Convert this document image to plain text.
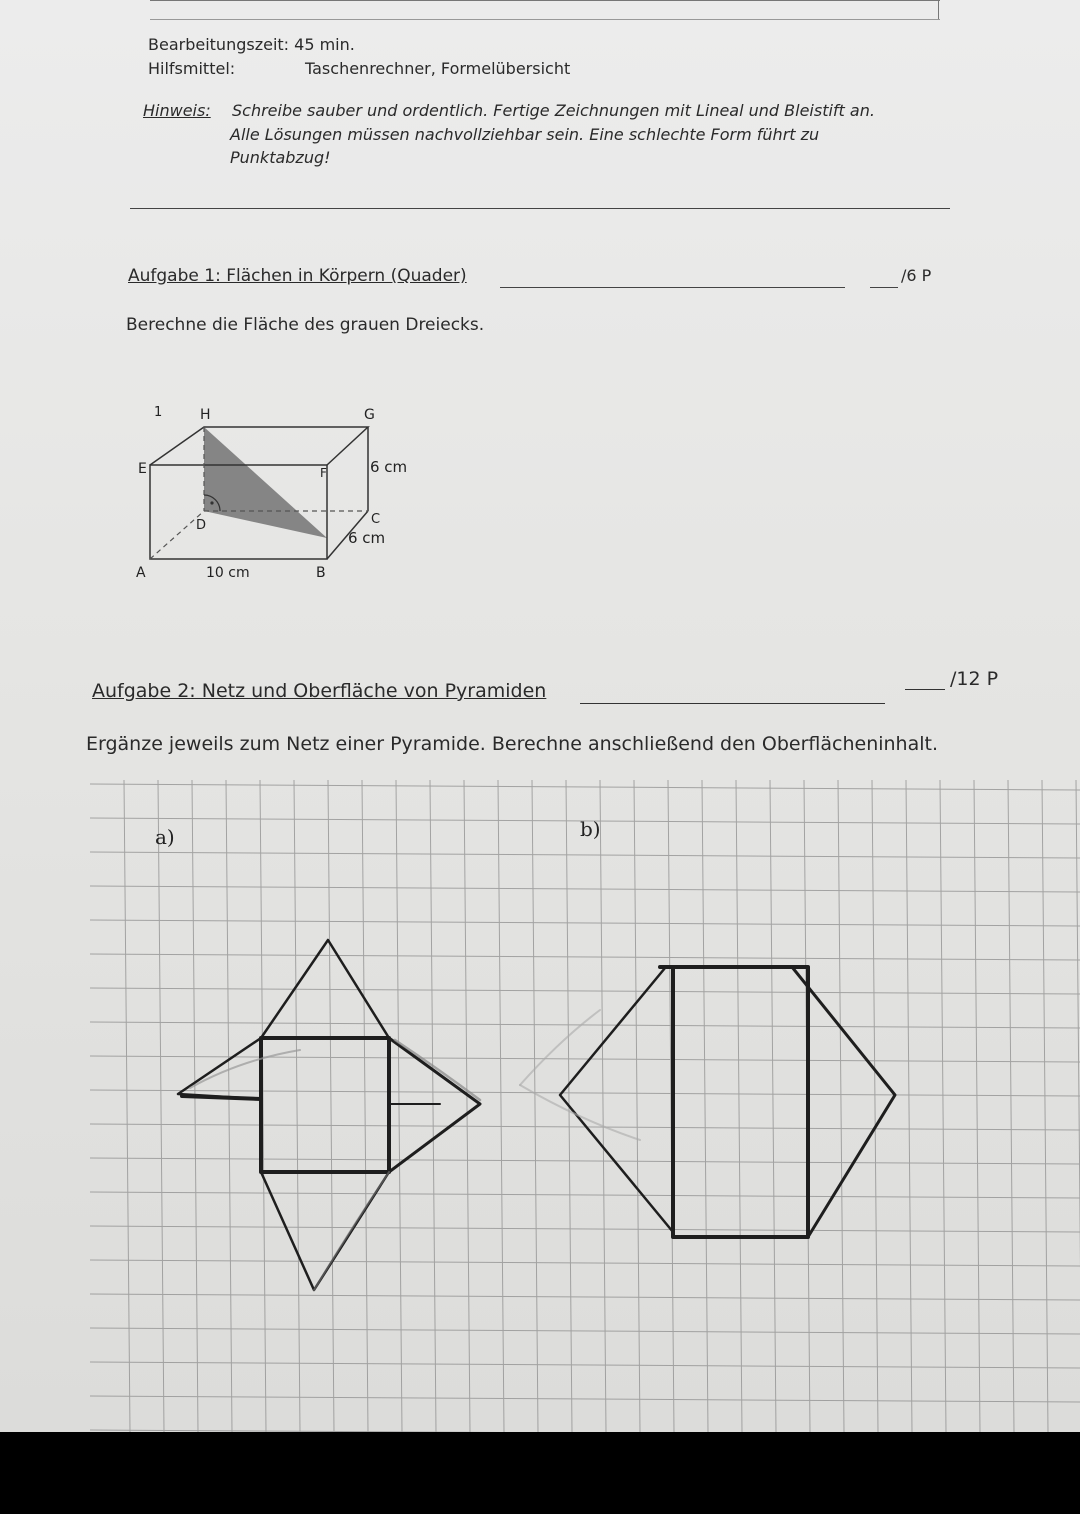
Bearbeitungszeit: 45 min.
Hilfsmittel:	Taschenrechner, Formelübersicht
Hinweis: Schreibe sauber und ordentlich. Fertige Zeichnungen mit Lineal und Bleistift an.
Alle Lösungen müssen nachvollziehbar sein. Eine schlechte Form führt zu
Punktabzug!
Aufgabe 1: Flächen in Körpern (Quader)	/6 P
Berechne die Fläche des grauen Dreiecks.
1	H	G
E	F
D	C
A	B
6 cm
6 cm
10 cm
Aufgabe 2: Netz und Oberfläche von Pyramiden
/12 P
Ergänze jeweils zum Netz einer Pyramide. Berechne anschließend den Oberflächeninhalt.
a)	b)
